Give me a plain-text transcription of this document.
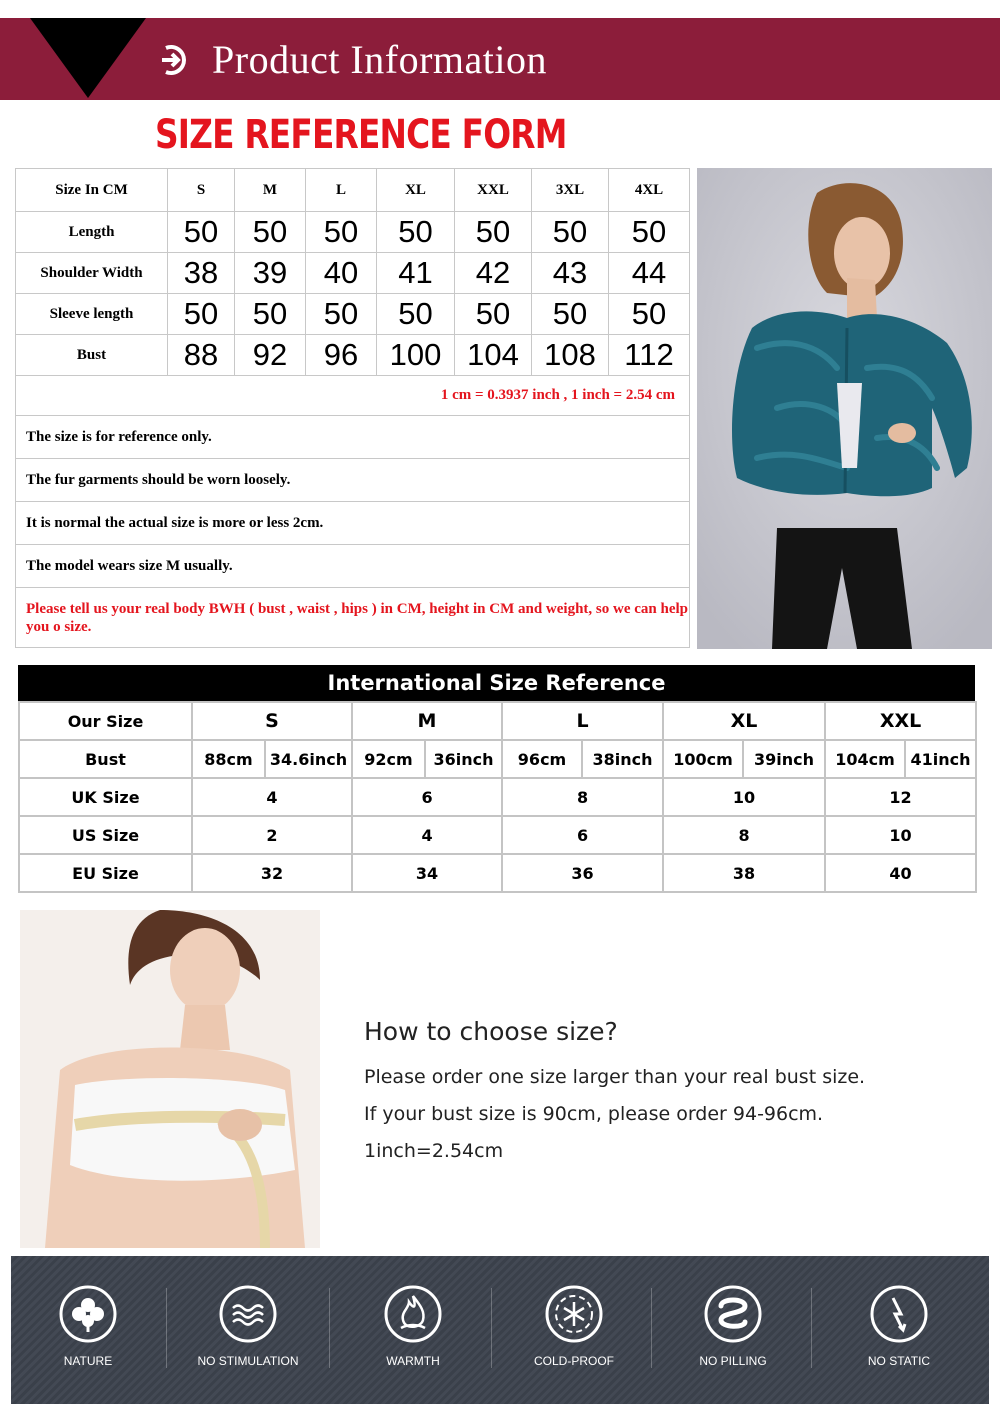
Product Information
SIZE REFERENCE FORM
Size In CM	S	M	L	XL	XXL	3XL	4XL
Length	50	50	50	50	50	50	50
Shoulder Width	38	39	40	41	42	43	44
Sleeve length	50	50	50	50	50	50	50
Bust	88	92	96	100	104	108	112
1 cm = 0.3937 inch , 1 inch = 2.54 cm							
The size is for reference only.							
The fur garments should be worn loosely.							
It is normal the actual size is more or less 2cm.							
The model wears size M usually.							
Please tell us your real body BWH ( bust , waist , hips ) in CM, height in CM and weight, so we can help you o size.							
International Size Reference
Our Size	S		M		L		XL		XXL	
Bust	88cm	34.6inch	92cm	36inch	96cm	38inch	100cm	39inch	104cm	41inch
UK Size	4		6		8		10		12	
US Size	2		4		6		8		10	
EU Size	32		34		36		38		40	
How to choose size?
Please order one size larger than your real bust size.
If your bust size is 90cm, please order 94-96cm.
1inch=2.54cm
NATURE	NO STIMULATION	WARMTH	COLD-PROOF	NO PILLING	NO STATIC
